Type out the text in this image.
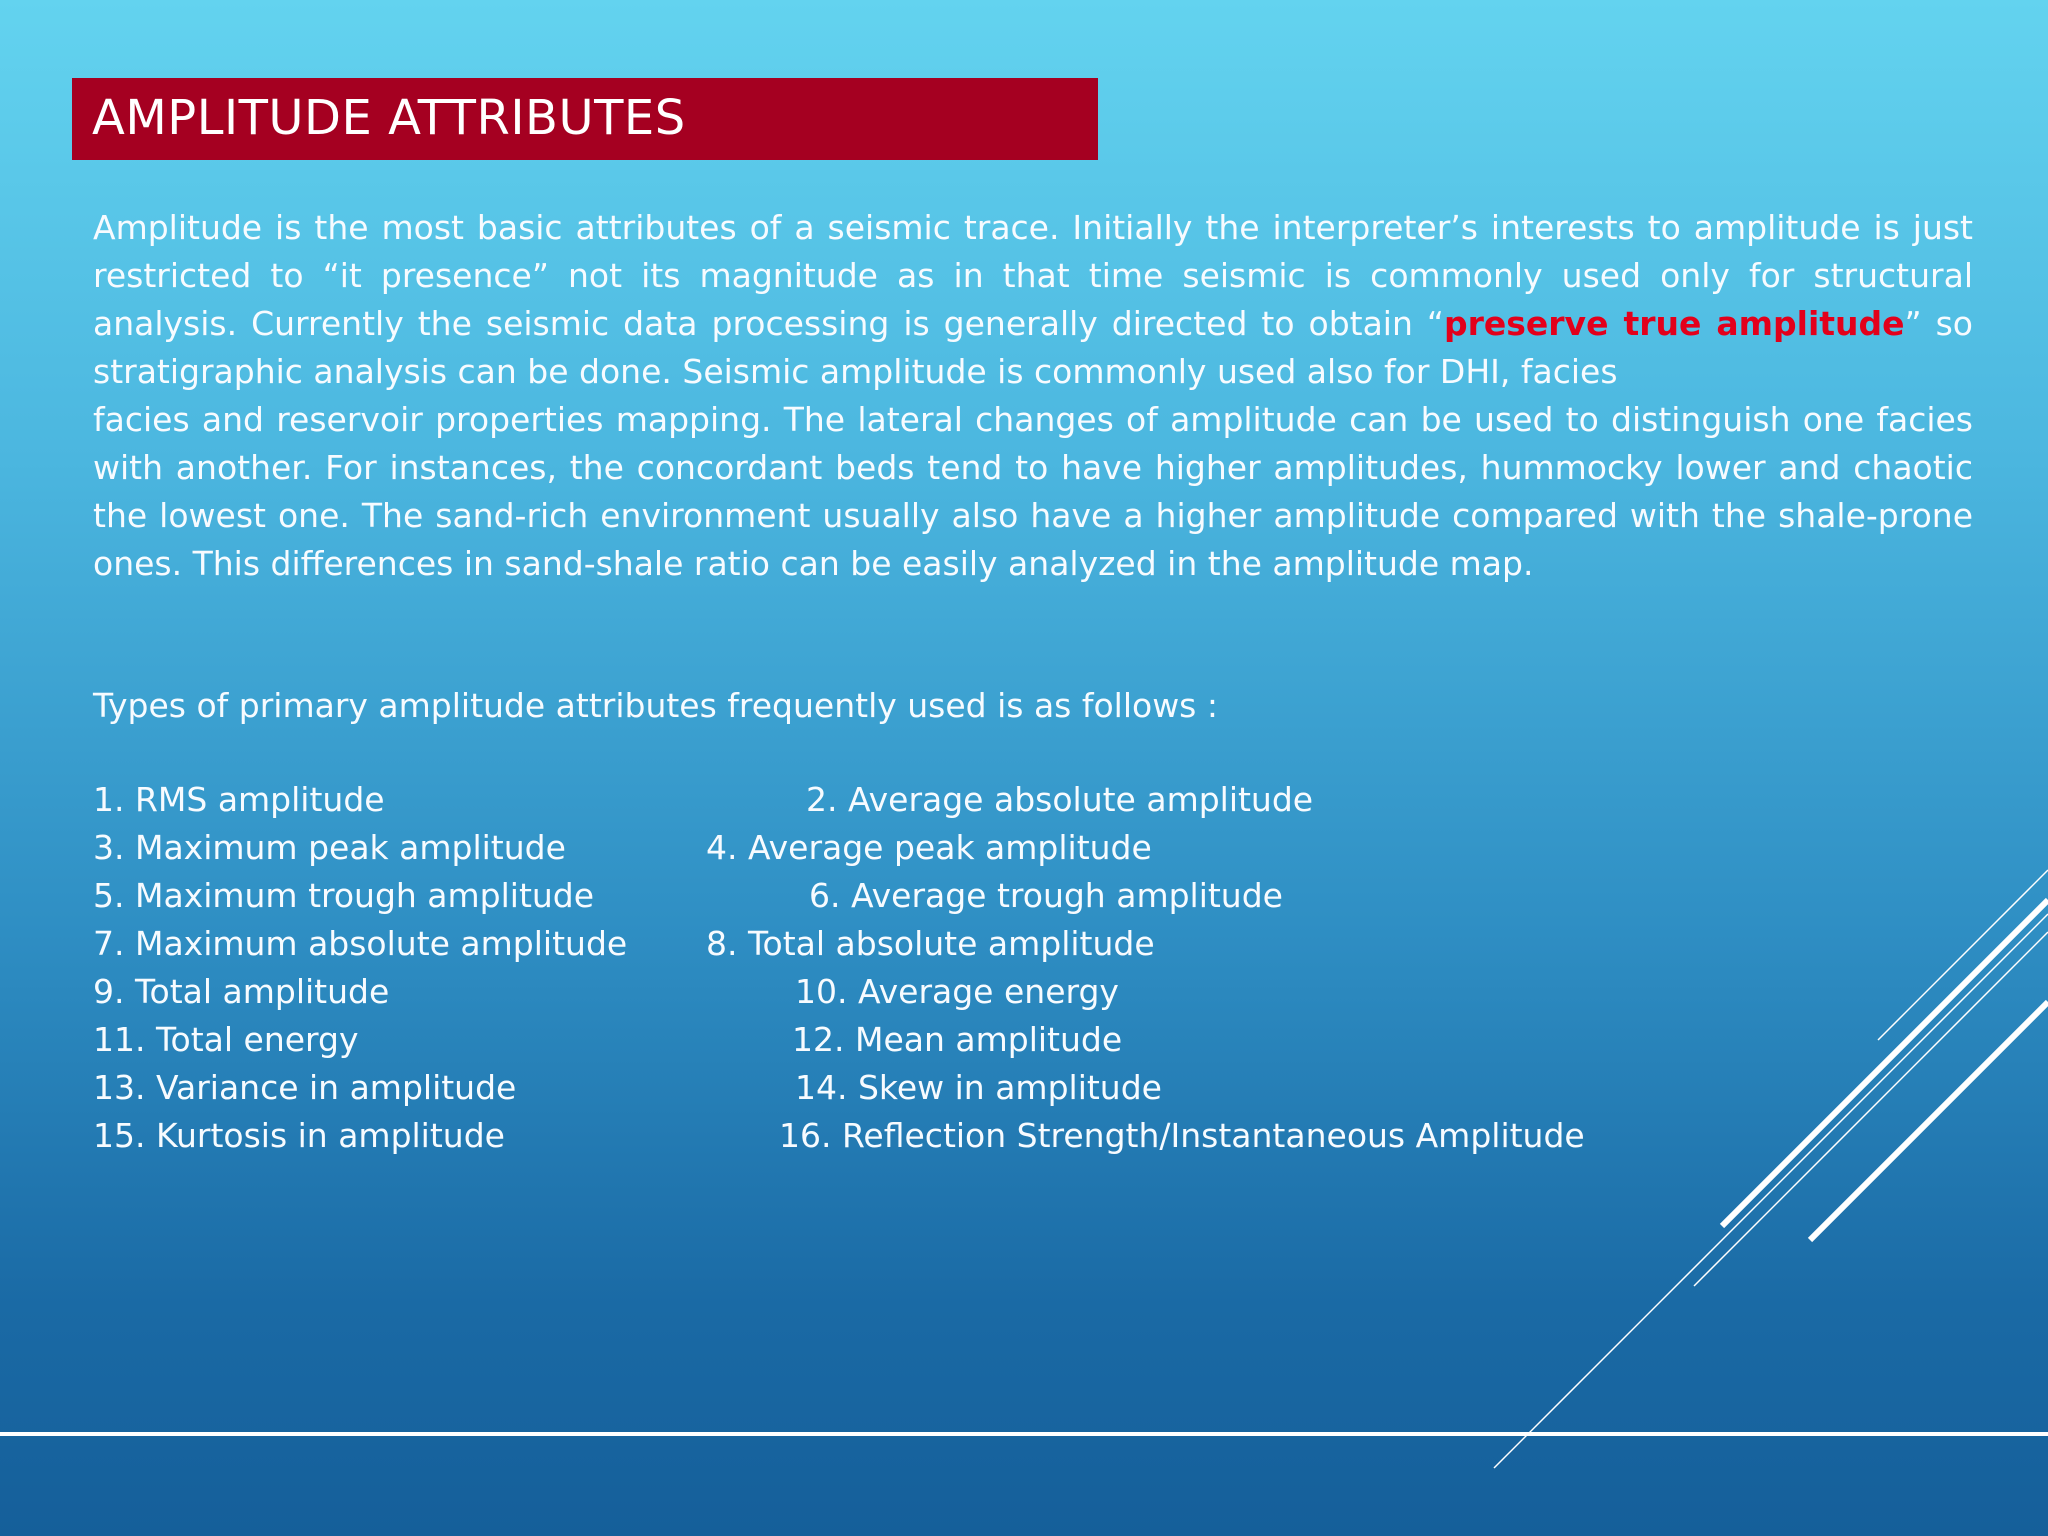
AMPLITUDE ATTRIBUTES
Amplitude is the most basic attributes of a seismic trace. Initially the interpreter’s interests to amplitude is just restricted to “it presence” not its magnitude as in that time seismic is commonly used only for structural analysis. Currently the seismic data processing is generally directed to obtain “preserve true amplitude” so stratigraphic analysis can be done. Seismic amplitude is commonly used also for DHI, facies
facies and reservoir properties mapping. The lateral changes of amplitude can be used to distinguish one facies with another. For instances, the concordant beds tend to have higher amplitudes, hummocky lower and chaotic the lowest one. The sand-rich environment usually also have a higher amplitude compared with the shale-prone ones. This differences in sand-shale ratio can be easily analyzed in the amplitude map.
Types of primary amplitude attributes frequently used is as follows :
1. RMS amplitude	2. Average absolute amplitude
3. Maximum peak amplitude	4. Average peak amplitude
5. Maximum trough amplitude	6. Average trough amplitude
7. Maximum absolute amplitude 8. Total absolute amplitude
9. Total amplitude	10. Average energy
11. Total energy	12. Mean amplitude
13. Variance in amplitude	14. Skew in amplitude
15. Kurtosis in amplitude	16. Reflection Strength/Instantaneous Amplitude
